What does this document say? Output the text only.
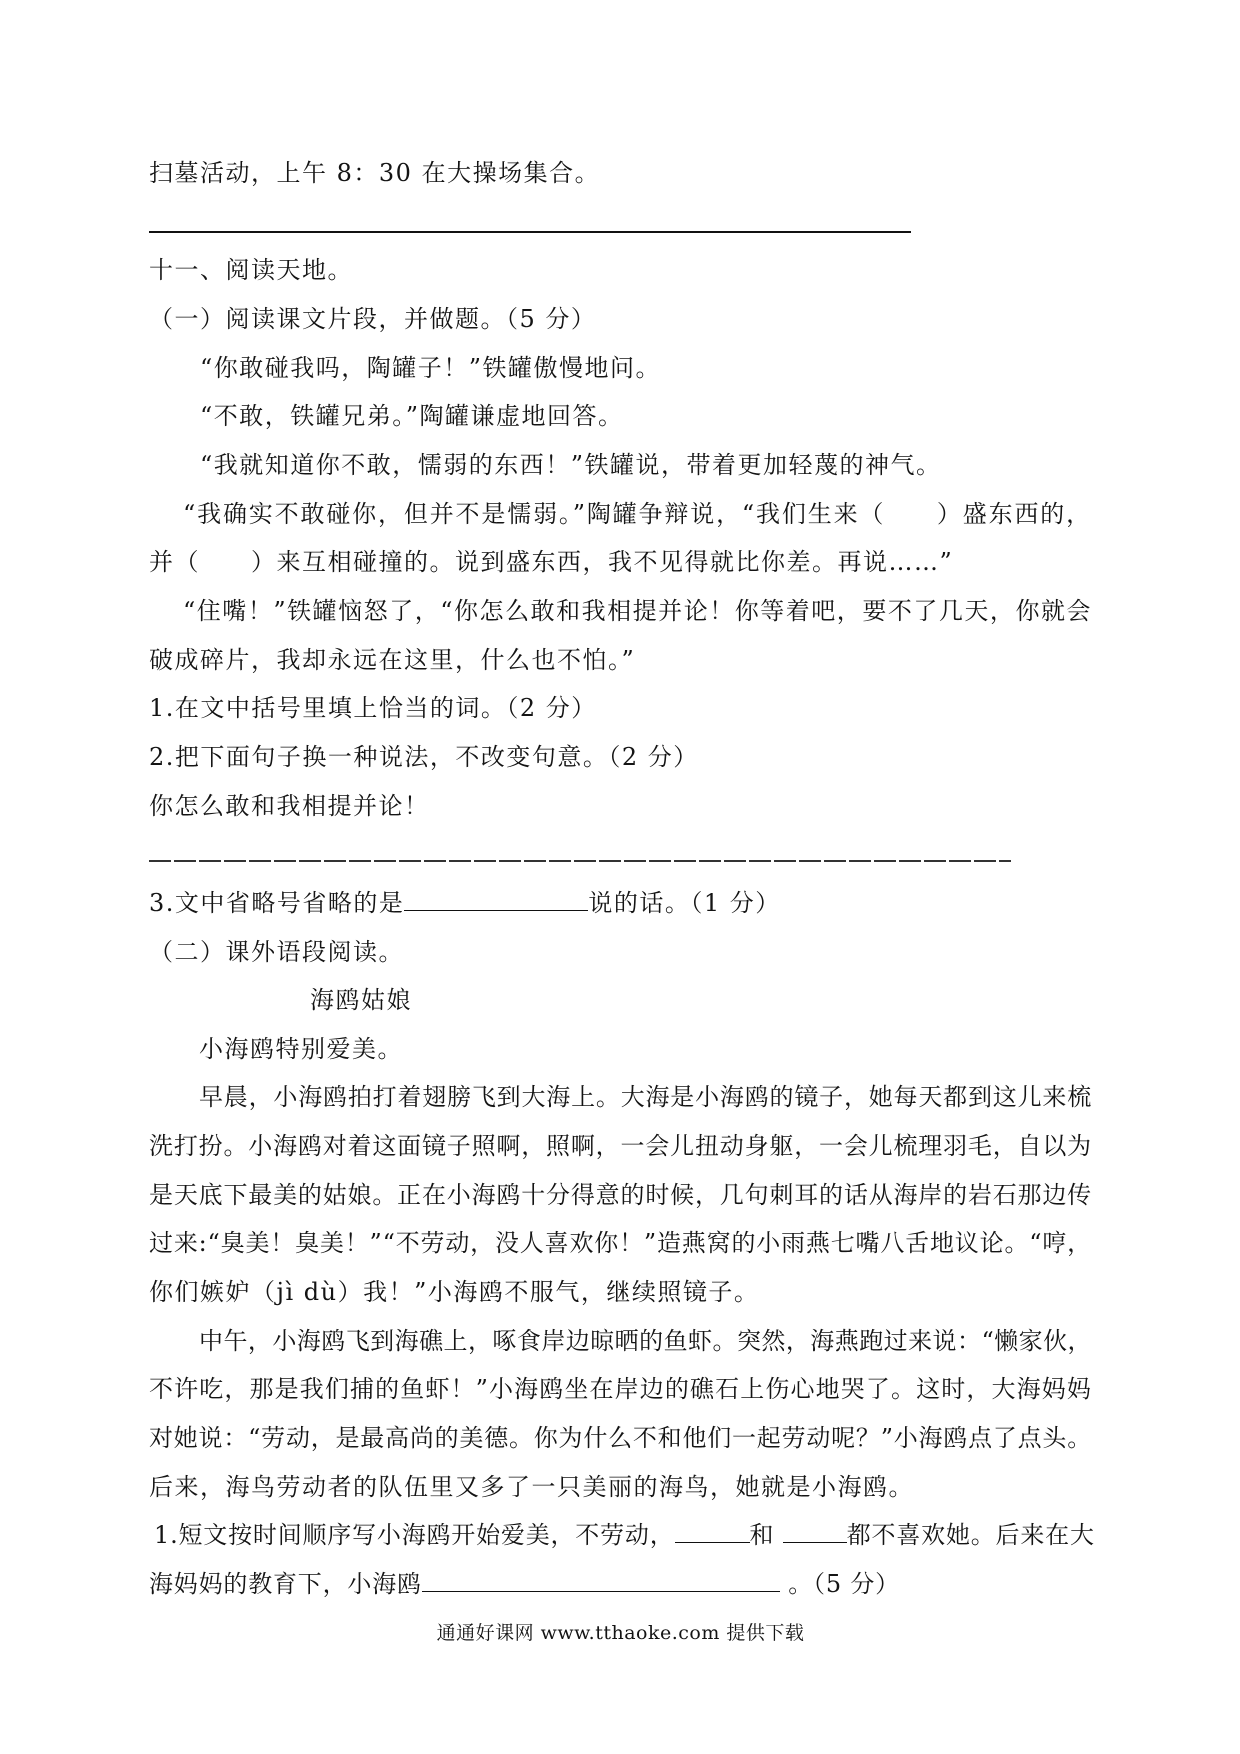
扫墓活动，上午 8：30 在大操场集合。
十一、阅读天地。
（一）阅读课文片段，并做题。（5 分）
“你敢碰我吗，陶罐子！”铁罐傲慢地问。
“不敢，铁罐兄弟。”陶罐谦虚地回答。
“我就知道你不敢，懦弱的东西！”铁罐说，带着更加轻蔑的神气。
“我确实不敢碰你，但并不是懦弱。”陶罐争辩说，“我们生来（　　）盛东西的，
并（　　）来互相碰撞的。说到盛东西，我不见得就比你差。再说……”
“住嘴！”铁罐恼怒了，“你怎么敢和我相提并论！你等着吧，要不了几天，你就会
破成碎片，我却永远在这里，什么也不怕。”
1.在文中括号里填上恰当的词。（2 分）
2.把下面句子换一种说法，不改变句意。（2 分）
你怎么敢和我相提并论！
3.文中省略号省略的是	说的话。（1 分）
（二）课外语段阅读。
海鸥姑娘
小海鸥特别爱美。
早晨，小海鸥拍打着翅膀飞到大海上。大海是小海鸥的镜子，她每天都到这儿来梳
洗打扮。小海鸥对着这面镜子照啊，照啊，一会儿扭动身躯，一会儿梳理羽毛，自以为
是天底下最美的姑娘。正在小海鸥十分得意的时候，几句刺耳的话从海岸的岩石那边传
过来:“臭美！臭美！”“不劳动，没人喜欢你！”造燕窝的小雨燕七嘴八舌地议论。“哼，
你们嫉妒（jì dù）我！”小海鸥不服气，继续照镜子。
中午，小海鸥飞到海礁上，啄食岸边晾晒的鱼虾。突然，海燕跑过来说：“懒家伙，
不许吃，那是我们捕的鱼虾！”小海鸥坐在岸边的礁石上伤心地哭了。这时，大海妈妈
对她说：“劳动，是最高尚的美德。你为什么不和他们一起劳动呢？”小海鸥点了点头。
后来，海鸟劳动者的队伍里又多了一只美丽的海鸟，她就是小海鸥。
1.短文按时间顺序写小海鸥开始爱美，不劳动，	和	都不喜欢她。后来在大
海妈妈的教育下，小海鸥	。（5 分）
通通好课网 www.tthaoke.com 提供下载
